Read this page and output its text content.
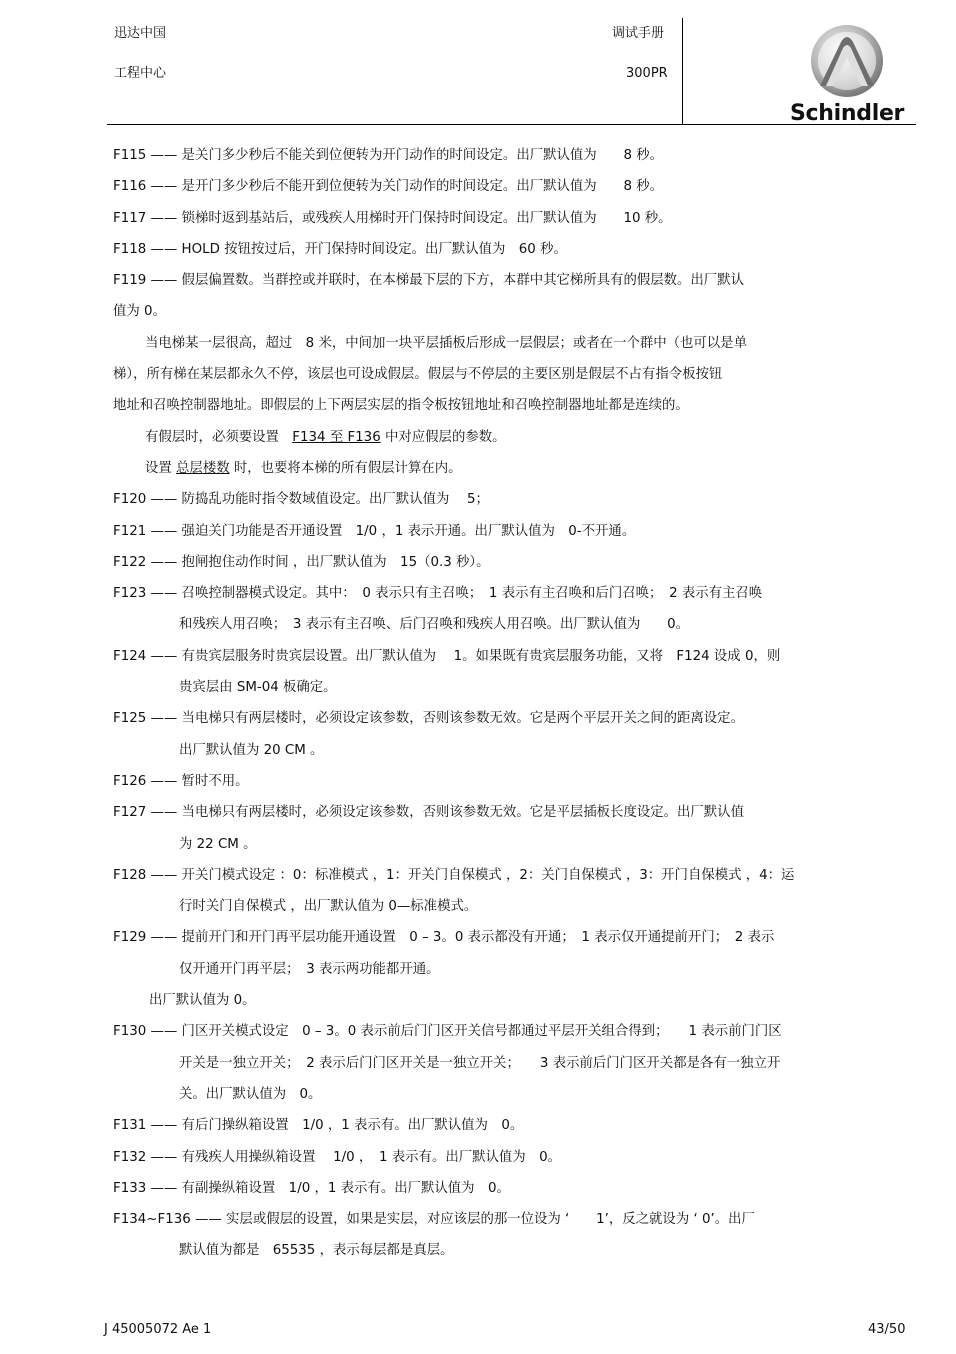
迅达中国
工程中心
调试手册
300PR
Schindler
F115 —— 是关门多少秒后不能关到位便转为开门动作的时间设定。出厂默认值为　　8 秒。
F116 —— 是开门多少秒后不能开到位便转为关门动作的时间设定。出厂默认值为　　8 秒。
F117 —— 锁梯时返到基站后，或残疾人用梯时开门保持时间设定。出厂默认值为　　10 秒。
F118 —— HOLD 按钮按过后，开门保持时间设定。出厂默认值为　60 秒。
F119 —— 假层偏置数。当群控或并联时，在本梯最下层的下方，本群中其它梯所具有的假层数。出厂默认
值为 0。
当电梯某一层很高，超过　8 米，中间加一块平层插板后形成一层假层；或者在一个群中（也可以是单
梯），所有梯在某层都永久不停，该层也可设成假层。假层与不停层的主要区别是假层不占有指令板按钮
地址和召唤控制器地址。即假层的上下两层实层的指令板按钮地址和召唤控制器地址都是连续的。
有假层时，必须要设置　F134 至 F136 中对应假层的参数。
设置 总层楼数 时，也要将本梯的所有假层计算在内。
F120 —— 防捣乱功能时指令数域值设定。出厂默认值为　 5；
F121 —— 强迫关门功能是否开通设置　1/0 ，1 表示开通。出厂默认值为　0-不开通。
F122 —— 抱闸抱住动作时间 ，出厂默认值为　15（0.3 秒）。
F123 —— 召唤控制器模式设定。其中：　0 表示只有主召唤；　1 表示有主召唤和后门召唤；　2 表示有主召唤
和残疾人用召唤；　3 表示有主召唤、后门召唤和残疾人用召唤。出厂默认值为　　0。
F124 —— 有贵宾层服务时贵宾层设置。出厂默认值为　 1。如果既有贵宾层服务功能，又将　F124 设成 0，则
贵宾层由 SM-04 板确定。
F125 —— 当电梯只有两层楼时，必须设定该参数，否则该参数无效。它是两个平层开关之间的距离设定。
出厂默认值为 20 CM 。
F126 —— 暂时不用。
F127 —— 当电梯只有两层楼时，必须设定该参数，否则该参数无效。它是平层插板长度设定。出厂默认值
为 22 CM 。
F128 —— 开关门模式设定 ：0：标准模式 ，1：开关门自保模式 ，2：关门自保模式 ，3：开门自保模式 ，4：运
行时关门自保模式 ，出厂默认值为 0—标准模式。
F129 —— 提前开门和开门再平层功能开通设置　0 – 3。0 表示都没有开通；　1 表示仅开通提前开门；　2 表示
仅开通开门再平层；　3 表示两功能都开通。
出厂默认值为 0。
F130 —— 门区开关模式设定　0 – 3。0 表示前后门门区开关信号都通过平层开关组合得到；　　1 表示前门门区
开关是一独立开关；　2 表示后门门区开关是一独立开关；　　3 表示前后门门区开关都是各有一独立开
关。出厂默认值为　0。
F131 —— 有后门操纵箱设置　1/0 ，1 表示有。出厂默认值为　0。
F132 —— 有残疾人用操纵箱设置　 1/0 ，　1 表示有。出厂默认值为　0。
F133 —— 有副操纵箱设置　1/0 ，1 表示有。出厂默认值为　0。
F134~F136 —— 实层或假层的设置，如果是实层，对应该层的那一位设为 ‘　　1’，反之就设为 ‘ 0’。出厂
默认值为都是　65535 ，表示每层都是真层。
J 45005072 Ae 1	43/50
